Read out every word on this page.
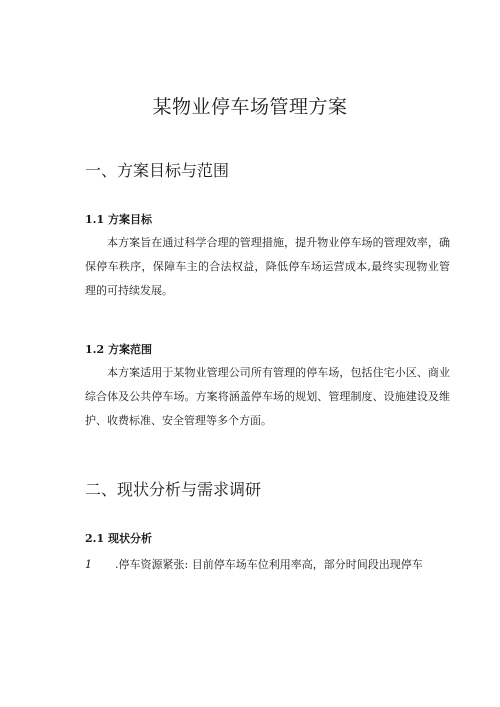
某物业停车场管理方案
一、方案目标与范围
1.1 方案目标

本方案旨在通过科学合理的管理措施，提升物业停车场的管理效率，确保停车秩序，保障车主的合法权益，降低停车场运营成本,最终实现物业管理的可持续发展。

1.2 方案范围

本方案适用于某物业管理公司所有管理的停车场，包括住宅小区、商业综合体及公共停车场。方案将涵盖停车场的规划、管理制度、设施建设及维护、收费标准、安全管理等多个方面。

二、现状分析与需求调研
2.1 现状分析

1 .停车资源紧张: 目前停车场车位利用率高，部分时间段出现停车
